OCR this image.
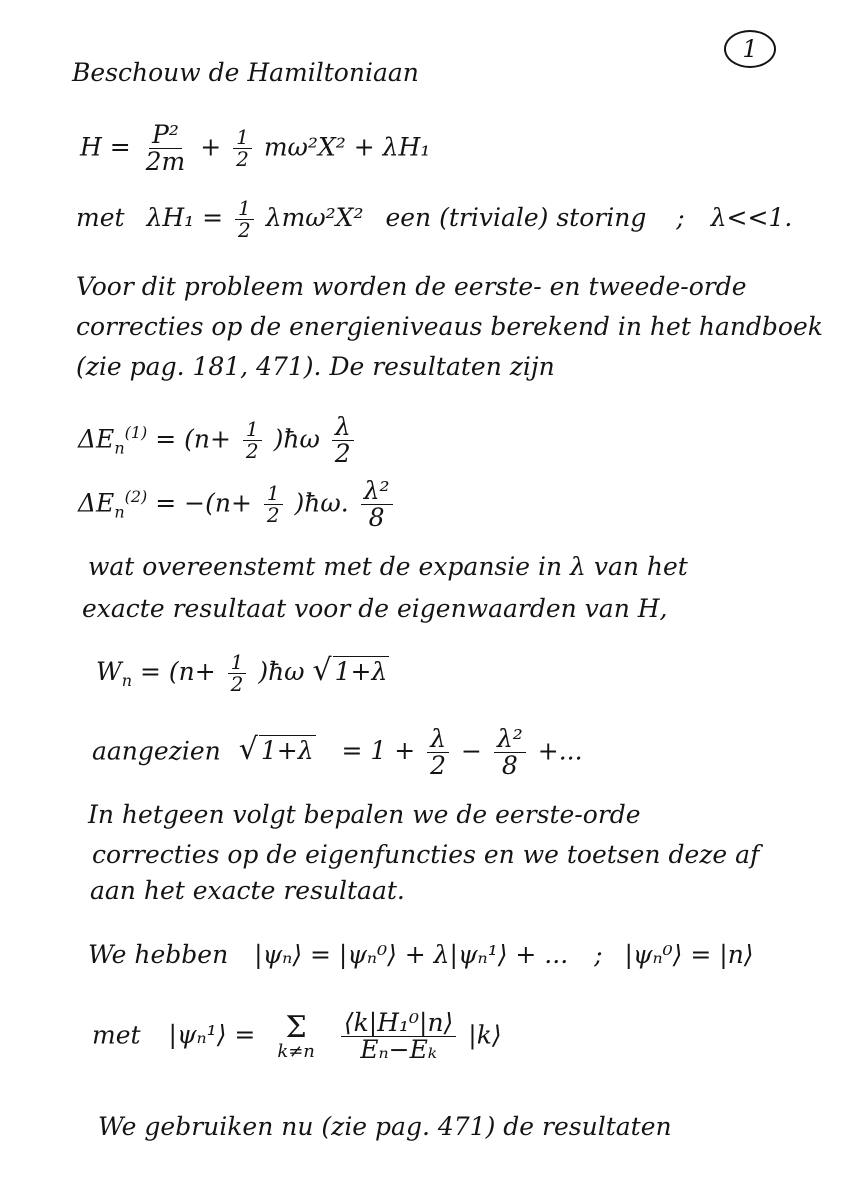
1
Beschouw de Hamiltoniaan
$H = \frac{\text{P²}}{2m} + \frac{1}{2} m\omega^2X^2 + \lambda H_1$
met $\lambda H_1 = \frac{1}{2} \lambda m\omega^2X^2$ een (triviale) storing ; λ<<1.
Voor dit probleem worden de eerste- en tweede-orde
correcties op de energieniveaus berekend in het handboek
(zie pag. 181, 471). De resultaten zijn
$\Delta E_n^{(1)} = (n+ \frac{1}{2}$ )ħω $\frac{\lambda}{2}$
$\Delta E_n^{(2)} = -(n+ \frac{1}{2}$ )ħω. $\frac{\text{λ²}}{8}$
wat overeenstemt met de expansie in λ van het
exacte resultaat voor de eigenwaarden van H,
$W_n = (n+ \frac{1}{2}$ )ħω √ 1+λ
aangezien √ $1+\lambda = 1 + \frac{\lambda}{2} - \frac{\text{λ²}}{8}$ +...
In hetgeen volgt bepalen we de eerste-orde
correcties op de eigenfuncties en we toetsen deze af
aan het exacte resultaat.
We hebben |ψₙ⟩ = |ψₙ⁰⟩ + λ|ψₙ¹⟩ + ... ; |ψₙ⁰⟩ = |n⟩
met |ψₙ¹⟩ = Σ
k≠n
$\frac{\text{⟨k|H₁⁰|n⟩}}{\text{Eₙ−Eₖ}}$ |k⟩
We gebruiken nu (zie pag. 471) de resultaten
